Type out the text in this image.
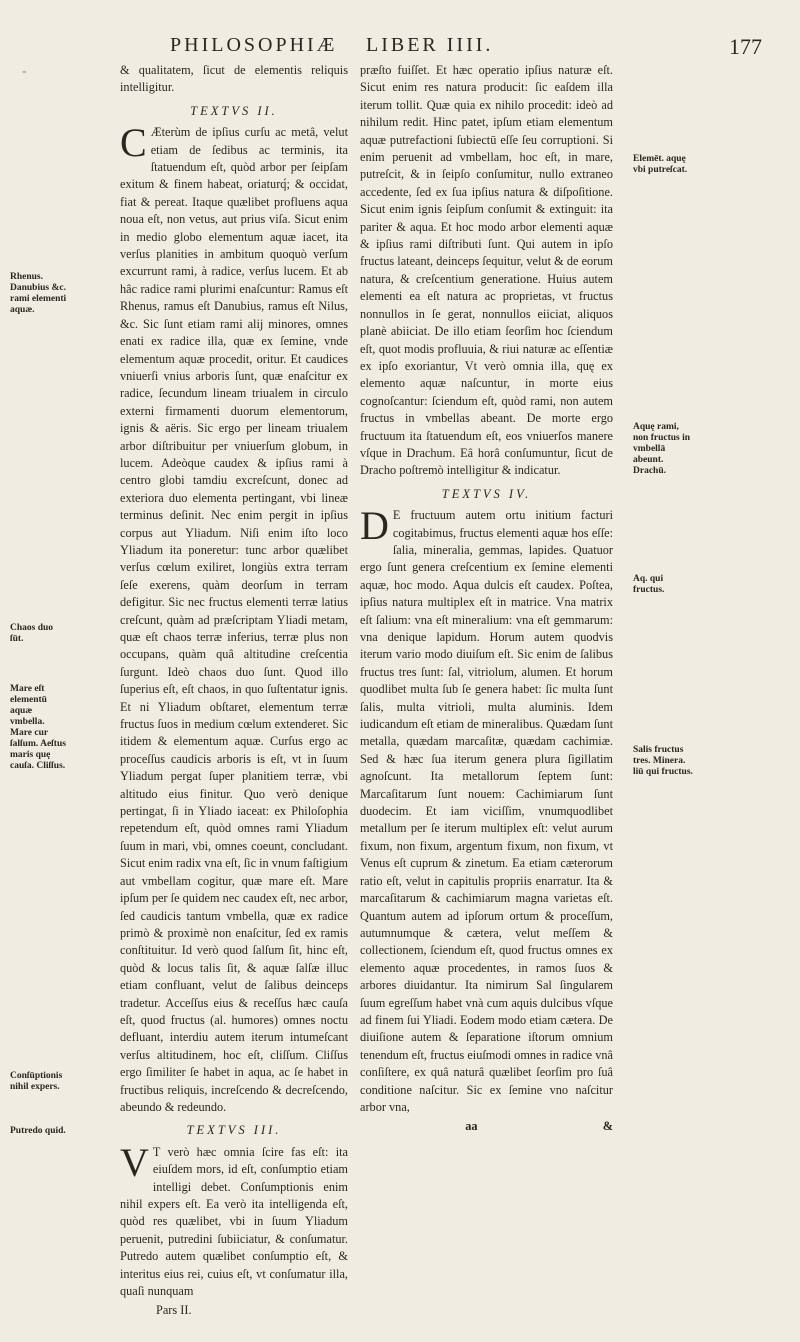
-
PHILOSOPHIÆ LIBER IIII.	177
Rhenus. Danubius &c. rami elementi aquæ.
Chaos duo ſūt.
Mare eſt elementū aquæ vmbella. Mare cur ſalſum. Aeſtus maris quę cauſa. Cliſſus.
Conſūptionis nihil expers.
Putredo quid.
Elemēt. aquę vbi putreſcat.
Aquę rami, non fructus in vmbellā abeunt. Drachū.
Aq. qui fructus.
Salis fructus tres. Minera. liū qui fructus.

& qualitatem, ſicut de elementis reliquis intelligitur.

TEXTVS II.

C Æterùm de ipſius curſu ac metâ, velut etiam de ſedibus ac terminis, ita ſtatuendum eſt, quòd arbor per ſeipſam exitum & finem habeat, oriaturq́; & occidat, fiat & pereat. Itaque quælibet profluens aqua noua eſt, non vetus, aut prius viſa. Sicut enim in medio globo elementum aquæ iacet, ita verſus planities in ambitum quoquò verſum excurrunt rami, à radice, verſus lucem. Et ab hâc radice rami plurimi enaſcuntur: Ramus eſt Rhenus, ramus eſt Danubius, ramus eſt Nilus, &c. Sic ſunt etiam rami alij minores, omnes enati ex radice illa, quæ ex ſemine, vnde elementum aquæ procedit, oritur. Et caudices vniuerſi vnius arboris ſunt, quæ enaſcitur ex radice, ſecundum lineam triualem in circulo externi firmamenti duorum elementorum, ignis & aëris. Sic ergo per lineam triualem arbor diſtribuitur per vniuerſum globum, in lucem. Adeòque caudex & ipſius rami à centro globi tamdiu excreſcunt, donec ad exteriora duo elementa pertingant, vbi lineæ terminus deſinit. Nec enim pergit in ipſius corpus aut Yliadum. Niſi enim iſto loco Yliadum ita poneretur: tunc arbor quælibet verſus cœlum exiliret, longiùs extra terram ſeſe exerens, quàm deorſum in terram defigitur. Sic nec fructus elementi terræ latius creſcunt, quàm ad præſcriptam Yliadi metam, quæ eſt chaos terræ inferius, terræ plus non occupans, quàm quâ altitudine creſcentia ſurgunt. Ideò chaos duo ſunt. Quod illo ſuperius eſt, eſt chaos, in quo ſuſtentatur ignis. Et ni Yliadum obſtaret, elementum terræ fructus ſuos in medium cœlum extenderet. Sic itidem & elementum aquæ. Curſus ergo ac proceſſus caudicis arboris is eſt, vt in ſuum Yliadum pergat ſuper planitiem terræ, vbi altitudo eius finitur. Quo verò denique pertingat, ſi in Yliado iaceat: ex Philoſophia repetendum eſt, quòd omnes rami Yliadum ſuum in mari, vbi, omnes coeunt, concludant. Sicut enim radix vna eſt, ſic in vnum faſtigium aut vmbellam cogitur, quæ mare eſt. Mare ipſum per ſe quidem nec caudex eſt, nec arbor, ſed caudicis tantum vmbella, quæ ex radice primò & proximè non enaſcitur, ſed ex ramis conſtituitur. Id verò quod ſalſum ſit, hinc eſt, quòd & locus talis ſit, & aquæ ſalſæ illuc etiam confluant, velut de ſalibus deinceps tradetur. Acceſſus eius & receſſus hæc cauſa eſt, quod fructus (al. humores) omnes noctu defluant, interdiu autem iterum intumeſcant verſus altitudinem, hoc eſt, cliſſum. Cliſſus ergo ſimiliter ſe habet in aqua, ac ſe habet in fructibus reliquis, increſcendo & decreſcendo, abeundo & redeundo.

TEXTVS III.

V T verò hæc omnia ſcire fas eſt: ita eiuſdem mors, id eſt, conſumptio etiam intelligi debet. Conſumptionis enim nihil expers eſt. Ea verò ita intelligenda eſt, quòd res quælibet, vbi in ſuum Yliadum peruenit, putredini ſubiiciatur, & conſumatur. Putredo autem quælibet conſumptio eſt, & interitus eius rei, cuius eſt, vt conſumatur illa, quaſi nunquam

Pars II.

præſto fuiſſet. Et hæc operatio ipſius naturæ eſt. Sicut enim res natura producit: ſic eaſdem illa iterum tollit. Quæ quia ex nihilo procedit: ideò ad nihilum redit. Hinc patet, ipſum etiam elementum aquæ putrefactioni ſubiectū eſſe ſeu corruptioni. Si enim peruenit ad vmbellam, hoc eſt, in mare, putreſcit, & in ſeipſo conſumitur, nullo extraneo accedente, ſed ex ſua ipſius natura & diſpoſitione. Sicut enim ignis ſeipſum conſumit & extinguit: ita pariter & aqua. Et hoc modo arbor elementi aquæ & ipſius rami diſtributi ſunt. Qui autem in ipſo fructus lateant, deinceps ſequitur, velut & de eorum natura, & creſcentium generatione. Huius autem elementi ea eſt natura ac proprietas, vt fructus nonnullos in ſe gerat, nonnullos eiiciat, aliquos planè abiiciat. De illo etiam ſeorſim hoc ſciendum eſt, quot modis profluuia, & riui naturæ ac eſſentiæ ex ipſo exoriantur, Vt verò omnia illa, quę ex elemento aquæ naſcuntur, in morte eius cognoſcantur: ſciendum eſt, quòd rami, non autem fructus in vmbellas abeant. De morte ergo fructuum ita ſtatuendum eſt, eos vniuerſos manere vſque in Drachum. Eâ horâ conſumuntur, ſicut de Dracho poſtremò intelligitur & indicatur.

TEXTVS IV.

D E fructuum autem ortu initium facturi cogitabimus, fructus elementi aquæ hos eſſe: ſalia, mineralia, gemmas, lapides. Quatuor ergo ſunt genera creſcentium ex ſemine elementi aquæ, hoc modo. Aqua dulcis eſt caudex. Poſtea, ipſius natura multiplex eſt in matrice. Vna matrix eſt ſalium: vna eſt mineralium: vna eſt gemmarum: vna denique lapidum. Horum autem quodvis iterum vario modo diuiſum eſt. Sic enim de ſalibus fructus tres ſunt: ſal, vitriolum, alumen. Et horum quodlibet multa ſub ſe genera habet: ſic multa ſunt ſalis, multa vitrioli, multa aluminis. Idem iudicandum eſt etiam de mineralibus. Quædam ſunt metalla, quædam marcaſitæ, quædam cachimiæ. Sed & hæc ſua iterum genera plura ſigillatim agnoſcunt. Ita metallorum ſeptem ſunt: Marcaſitarum ſunt nouem: Cachimiarum ſunt duodecim. Et iam viciſſim, vnumquodlibet metallum per ſe iterum multiplex eſt: velut aurum fixum, non fixum, argentum fixum, non fixum, vt Venus eſt cuprum & zinetum. Ea etiam cæterorum ratio eſt, velut in capitulis propriis enarratur. Ita & marcaſitarum & cachimiarum magna varietas eſt. Quantum autem ad ipſorum ortum & proceſſum, autumnumque & cætera, velut meſſem & collectionem, ſciendum eſt, quod fructus omnes ex elemento aquæ procedentes, in ramos ſuos & arbores diuidantur. Ita nimirum Sal ſingularem ſuum egreſſum habet vnà cum aquis dulcibus vſque ad finem ſui Yliadi. Eodem modo etiam cætera. De diuiſione autem & ſeparatione iſtorum omnium tenendum eſt, fructus eiuſmodi omnes in radice vnâ conſiſtere, ex quâ naturâ quælibet ſeorſim pro ſuâ conditione naſcitur. Sic ex ſemine vno naſcitur arbor vna,

aa	&
